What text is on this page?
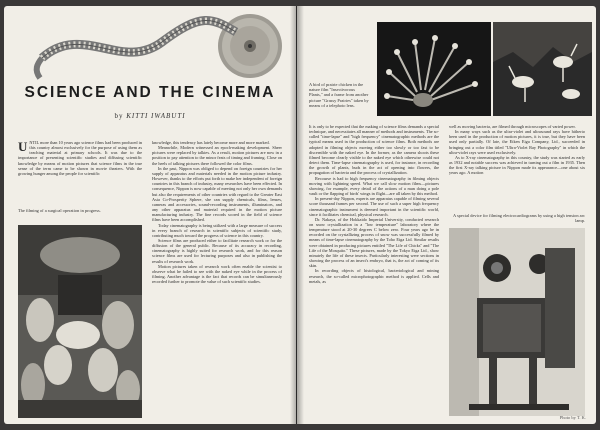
SCIENCE AND THE CINEMA
by KITTI IWABUTI

UNTIL more than 10 years ago science films had been produced in this country almost exclusively for the purpose of using them as teaching material at primary schools. It was due to the importance of presenting scientific studies and diffusing scientific knowledge by means of motion pictures that science films in the true sense of the term came to be shown in movie theaters. With the growing hunger among the people for scientific

The filming of a surgical operation in progress.

knowledge, this tendency has lately become more and more marked.

Meanwhile, Modern witnessed an epoch-making development. Sheer pictures were replaced by talkies. As a result, motion pictures are now in a position to pay attention to the minor feats of timing and framing. Close on the heels of talking pictures there followed the color films.

In the past, Nippon was obliged to depend on foreign countries for her supply of apparatus and materials needed in the motion picture industry. However, thanks to the efforts put forth to make her independent of foreign countries in this branch of industry, many researches have been effected. In consequence, Nippon is now capable of meeting not only her own demands but also the requirements of other countries with regard to the Greater East Asia Co-Prosperity Sphere, she can supply chemicals, films, lenses, cameras and accessories, sound-recording instruments, illuminators, and any other apparatus and material required in the motion picture manufacturing industry. The fine records scored in the field of science films have been accomplished.

Today cinematography is being utilized with a large measure of success in every branch of research in scientific subjects of scientific study, contributing much toward the progress of science in this country.

Science films are produced either to facilitate research work or for the diffusion of the general public. Because of its accuracy in recording, cinematography is highly suited for research work, and for this reason science films are used for lecturing purposes and also in publishing the results of research work.

Motion pictures taken of research work often enable the scientist to observe what he failed to see with the naked eye while in the process of filming. Another advantage is the fact that records can be simultaneously recorded further to promote the value of such scientific studies.

A bird of prairie chicken in the nature film "Insectivorous Plants," and a frame from another picture "Grassy Prairies" taken by means of a telephoto lens.

It is only to be expected that the making of science films demands a special technique, and necessitates all manner of methods and instruments. The so-called "time-lapse" and "high frequency" cinematographic methods are the typical means used in the production of science films. Both methods are adopted in filming objects moving either too slowly or too fast to be discernible with the naked eye. In the former, as the camera shoots these filmed become clearly visible to the naked eye which otherwise could not detect them. Time-lapse cinematography is used, for instance, in recording the growth of plants, buds in the act of opening into flowers, the propagation of bacteria and the process of crystallization.

Recourse is had to high frequency cinematography in filming objects moving with lightning speed. What we call slow motion films—pictures showing, for example, every detail of the actions of a man doing a pole vault or the flapping of birds' wings in flight—are all taken by this method.

In present-day Nippon, experts are apparatus capable of filming several score thousand frames per second. The use of such a super high frequency cinematographic instrument is deemed important in the scientific world, since it facilitates chemical, physical research.

Dr. Nakaya, of the Hokkaido Imperial University, conducted research on snow crystallization in a "low temperature" laboratory where the temperature stood at 20-30 degrees C below zero. Four years ago he in recorded on the crystallizing process of snow was successfully filmed by means of time-lapse cinematography by the Toho Eiga Ltd. Similar results were obtained in producing pictures entitled "The Life of Chicks" and "The Life of the Mosquito." These pictures, made by the Tokyo Eiga Ltd., show minutely the life of these insects. Particularly interesting were sections in showing the process of an insect's embryo, that is, the act of coming of its skin.

In recording objects of histological, bacteriological and mining research, the so-called microphotographic method is applied. Cells and metals, as

well as moving bacteria, are filmed through microscopes of varied power.

In many ways such as the ultra-violet and ultrasound rays have hitherto been used in the production of motion pictures, it is true, but they have been used only partially. Of late, the Eiken Eiga Company, Ltd., succeeded in bringing out a color film titled "Ultra-Violet Ray Photography" in which the ultra-violet rays were used exclusively.

As to X-ray cinematography in this country, the study was started as early as 1932 and notable success was achieved in turning out a film in 1935. Then the first X-ray talking picture in Nippon made its appearance—one about six years ago. A motion

A special device for filming electrocardiograms by using a high tension arc lamp.
Photo by T. K.
